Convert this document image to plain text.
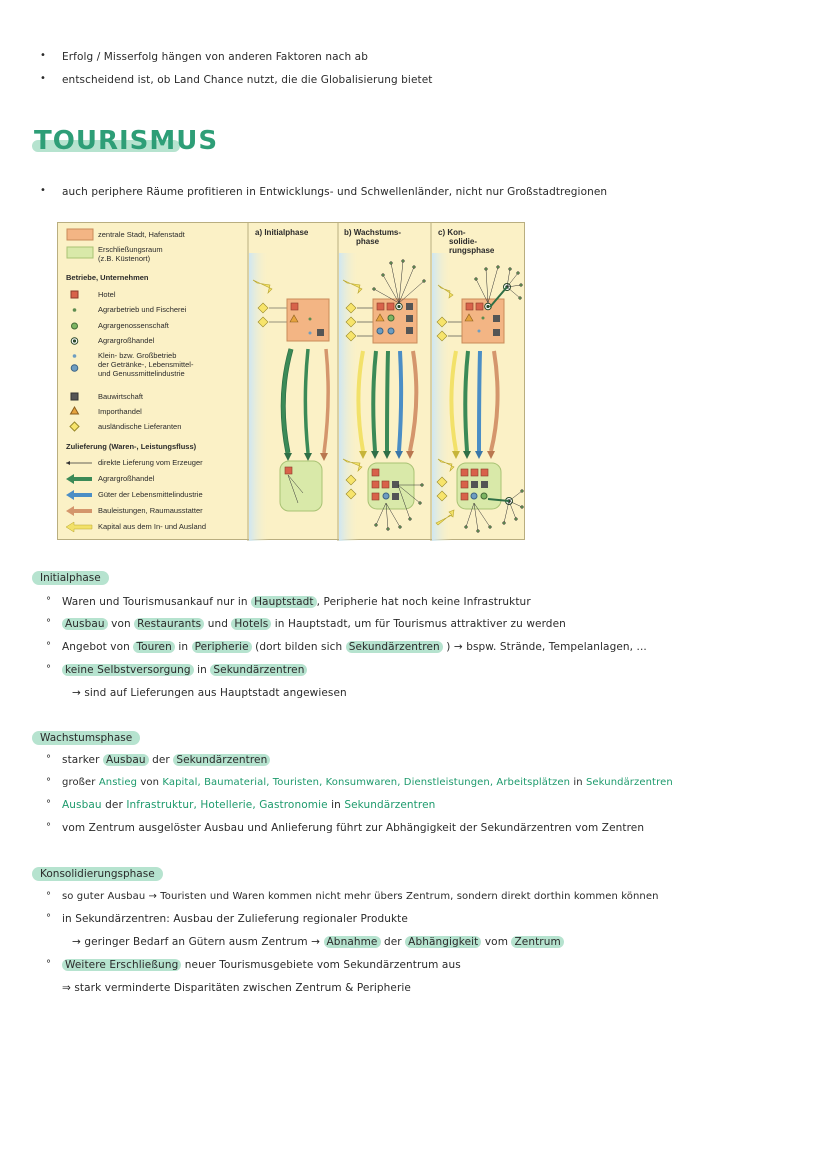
• Erfolg / Misserfolg hängen von anderen Faktoren nach ab
• entscheidend ist, ob Land Chance nutzt, die die Globalisierung bietet
TOURISMUS
• auch periphere Räume profitieren in Entwicklungs- und Schwellenländer, nicht nur Großstadtregionen
zentrale Stadt, Hafenstadt
Erschließungsraum
(z.B. Küstenort)
Betriebe, Unternehmen
Hotel
Agrarbetrieb und Fischerei
Agrargenossenschaft
Agrargroßhandel
Klein- bzw. Großbetrieb
der Getränke-, Lebensmittel-
und Genussmittelindustrie
Bauwirtschaft
Importhandel
ausländische Lieferanten
Zulieferung (Waren-, Leistungsfluss)
direkte Lieferung vom Erzeuger
Agrargroßhandel
Güter der Lebensmittelindustrie
Bauleistungen, Raumausstatter
Kapital aus dem In- und Ausland
a) Initialphase	b) Wachstums-
phase
c) Kon-
solidie-
rungsphase
Initialphase
° Waren und Tourismusankauf nur in Hauptstadt , Peripherie hat noch keine Infrastruktur
° Ausbau von Restaurants und Hotels in Hauptstadt, um für Tourismus attraktiver zu werden
° Angebot von Touren in Peripherie (dort bilden sich Sekundärzentren ) → bspw. Strände, Tempelanlagen, ...
° keine Selbstversorgung in Sekundärzentren
→ sind auf Lieferungen aus Hauptstadt angewiesen
Wachstumsphase
° starker Ausbau der Sekundärzentren
° großer Anstieg von Kapital, Baumaterial, Touristen, Konsumwaren, Dienstleistungen, Arbeitsplätzen in Sekundärzentren
° Ausbau der Infrastruktur, Hotellerie, Gastronomie in Sekundärzentren
° vom Zentrum ausgelöster Ausbau und Anlieferung führt zur Abhängigkeit der Sekundärzentren vom Zentren
Konsolidierungsphase
° so guter Ausbau → Touristen und Waren kommen nicht mehr übers Zentrum, sondern direkt dorthin kommen können
° in Sekundärzentren: Ausbau der Zulieferung regionaler Produkte
→ geringer Bedarf an Gütern ausm Zentrum → Abnahme der Abhängigkeit vom Zentrum
° Weitere Erschließung neuer Tourismusgebiete vom Sekundärzentrum aus
⇒ stark verminderte Disparitäten zwischen Zentrum & Peripherie
